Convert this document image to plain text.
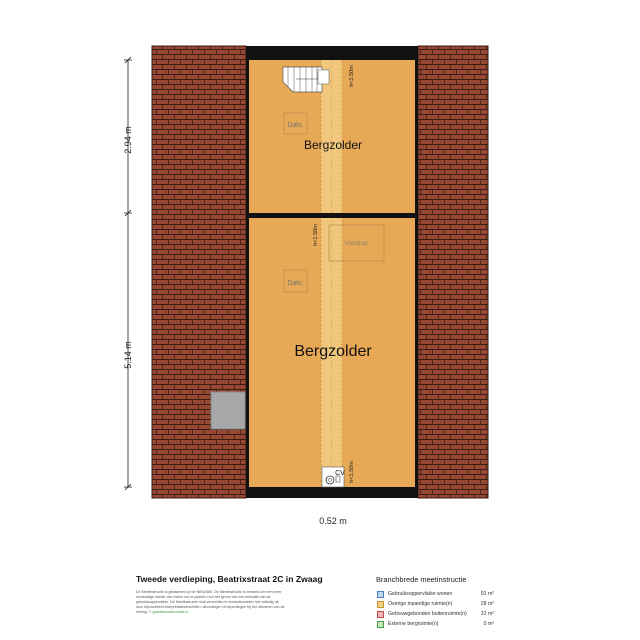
Dakr.
Dakr.
Vlizotrap
Bergzolder
Bergzolder
h<1.50m
h<1.50m
h<1.50m
CV
2.94 m
5.14 m
0.52 m
Tweede verdieping, Beatrixstraat 2C in Zwaag
De Meetinstructie is gebaseerd op de NEN2580. De Meetinstructie is bedoeld om een meer eenduidige manier van meten toe te passen voor het geven van een indicatie van de gebruiksoppervlakte. De Meetinstructie sluit verschillen in meetuitkomsten niet volledig uit, door bijvoorbeeld interpretatieverschillen, afrondingen of beperkingen bij het uitvoeren van de meting. © goedebouwtechniek.nl
Branchbrede meetinstructie
Gebruiksoppervlakte wonen	91 m²
Overige inpandige ruimte(n)	28 m²
Gebouwgebonden buitenruimte(n)	31 m²
Externe bergruimte(n)	0 m²
